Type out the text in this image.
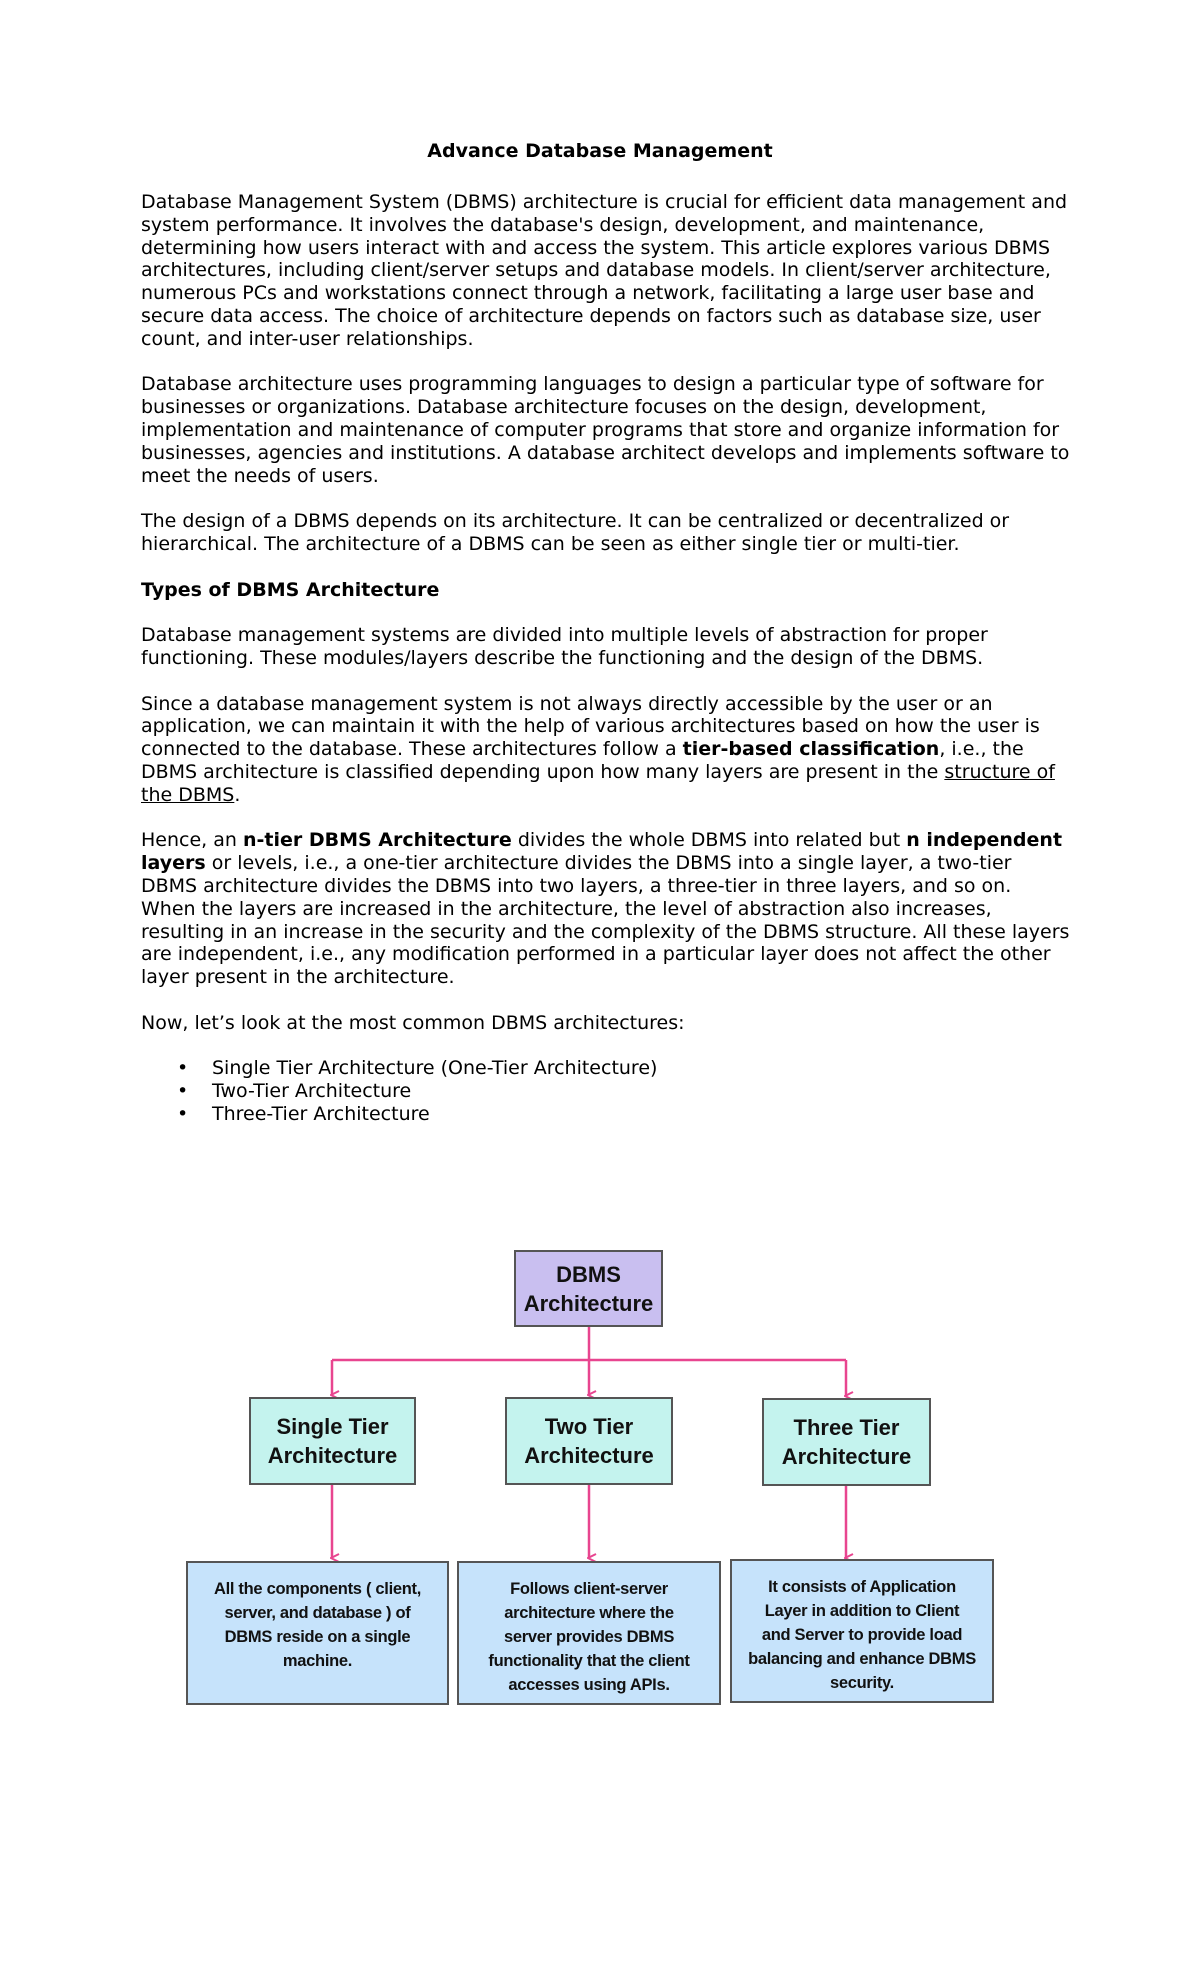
Advance Database Management

Database Management System (DBMS) architecture is crucial for efficient data management and system performance. It involves the database's design, development, and maintenance, determining how users interact with and access the system. This article explores various DBMS architectures, including client/server setups and database models. In client/server architecture, numerous PCs and workstations connect through a network, facilitating a large user base and secure data access. The choice of architecture depends on factors such as database size, user count, and inter-user relationships.

Database architecture uses programming languages to design a particular type of software for businesses or organizations. Database architecture focuses on the design, development, implementation and maintenance of computer programs that store and organize information for businesses, agencies and institutions. A database architect develops and implements software to meet the needs of users.

The design of a DBMS depends on its architecture. It can be centralized or decentralized or hierarchical. The architecture of a DBMS can be seen as either single tier or multi-tier.

Types of DBMS Architecture

Database management systems are divided into multiple levels of abstraction for proper functioning. These modules/layers describe the functioning and the design of the DBMS.

Since a database management system is not always directly accessible by the user or an application, we can maintain it with the help of various architectures based on how the user is connected to the database. These architectures follow a tier-based classification, i.e., the DBMS architecture is classified depending upon how many layers are present in the structure of the DBMS.

Hence, an n-tier DBMS Architecture divides the whole DBMS into related but n independent layers or levels, i.e., a one-tier architecture divides the DBMS into a single layer, a two-tier DBMS architecture divides the DBMS into two layers, a three-tier in three layers, and so on. When the layers are increased in the architecture, the level of abstraction also increases, resulting in an increase in the security and the complexity of the DBMS structure. All these layers are independent, i.e., any modification performed in a particular layer does not affect the other layer present in the architecture.

Now, let’s look at the most common DBMS architectures:

• Single Tier Architecture (One-Tier Architecture)
• Two-Tier Architecture
• Three-Tier Architecture
DBMS
Architecture
Single Tier
Architecture
Two Tier
Architecture
Three Tier
Architecture
All the components ( client,
server, and database ) of
DBMS reside on a single
machine.
Follows client-server
architecture where the
server provides DBMS
functionality that the client
accesses using APIs.
It consists of Application
Layer in addition to Client
and Server to provide load
balancing and enhance DBMS
security.
